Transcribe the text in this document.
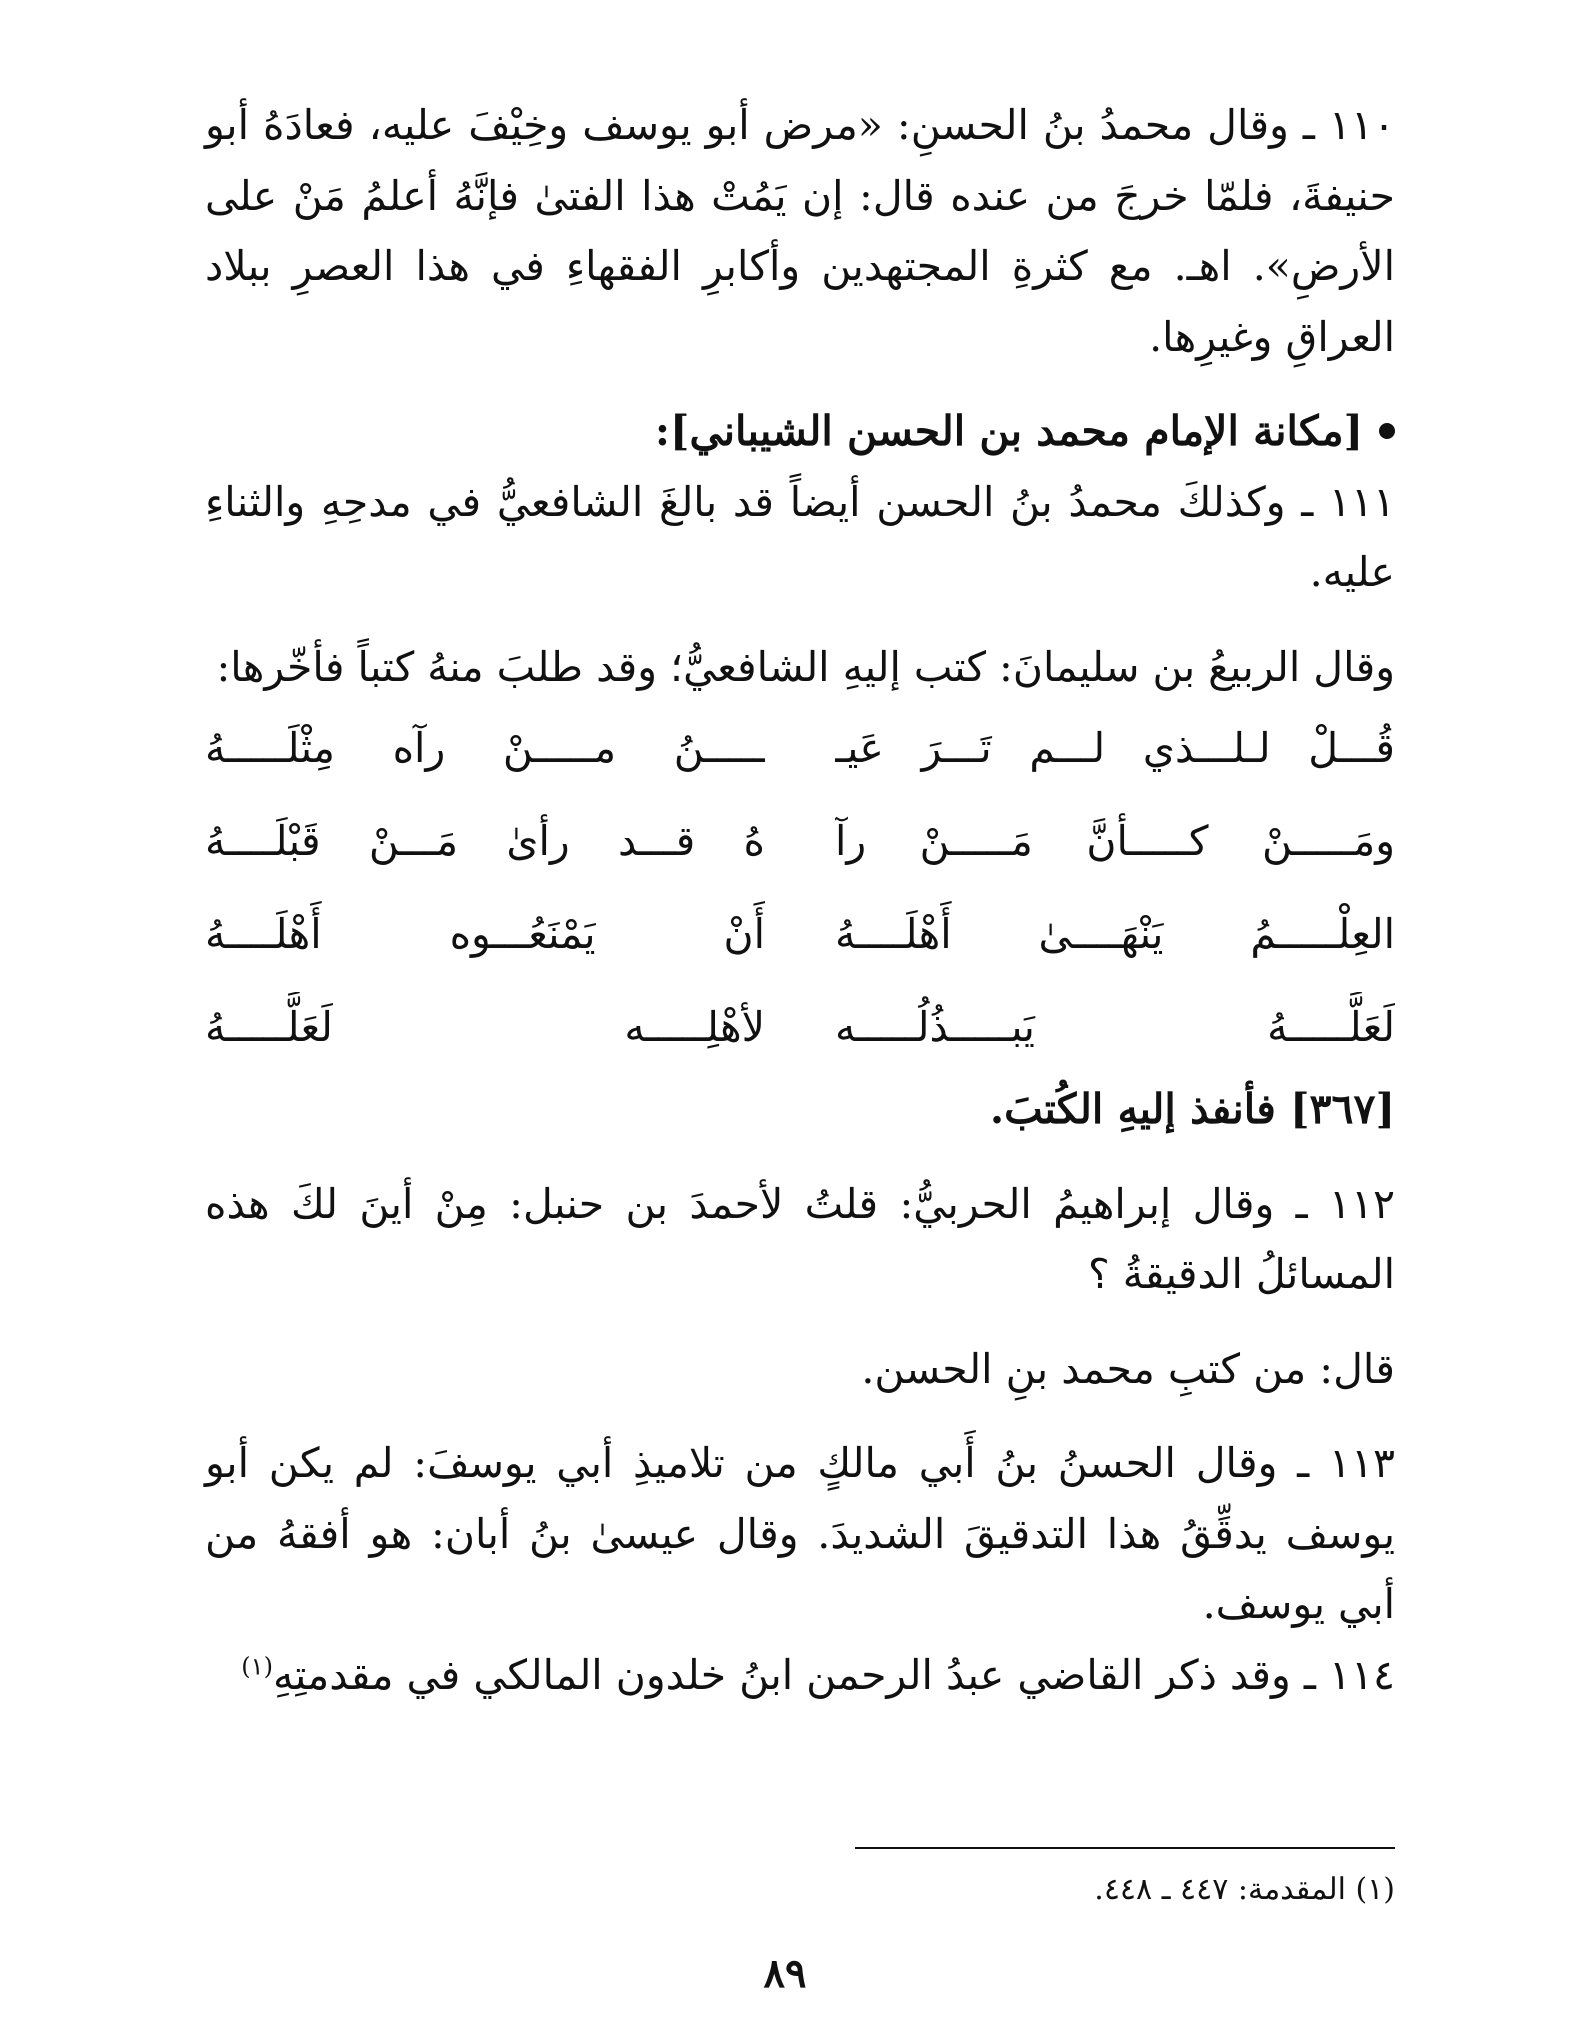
١١٠ ـ وقال محمدُ بنُ الحسنِ: «مرض أبو يوسف وخِيْفَ عليه، فعادَهُ أبو حنيفةَ، فلمّا خرجَ من عنده قال: إن يَمُتْ هذا الفتىٰ فإنَّهُ أعلمُ مَنْ على الأرضِ». اهـ. مع كثرةِ المجتهدين وأكابرِ الفقهاءِ في هذا العصرِ ببلاد العراقِ وغيرِها.

[مكانة الإمام محمد بن الحسن الشيباني]:

١١١ ـ وكذلكَ محمدُ بنُ الحسن أيضاً قد بالغَ الشافعيُّ في مدحِهِ والثناءِ عليه.

وقال الربيعُ بن سليمانَ: كتب إليهِ الشافعيُّ؛ وقد طلبَ منهُ كتباً فأخّرها:

قُـــلْ لـلـــذي لـــم تَـــرَ عَيـ
ـــــنُ مـــــنْ رآه مِثْلَـــــهُ
ومَـــــنْ كـــــأنَّ مَـــــنْ رآ
هُ قـــد رأىٰ مَـــنْ قَبْلَــــهُ
العِلْـــــمُ يَنْهَــــىٰ أَهْلَــــهُ
أَنْ يَمْنَعُـــوه أَهْلَــــهُ
لَعَلَّـــــهُ يَبـــــذُلُـــــه
لأهْلِـــــه لَعَلَّـــــهُ

[٣٦٧] فأنفذ إليهِ الكُتبَ.

١١٢ ـ وقال إبراهيمُ الحربيُّ: قلتُ لأحمدَ بن حنبل: مِنْ أينَ لكَ هذه المسائلُ الدقيقةُ ؟

قال: من كتبِ محمد بنِ الحسن.

١١٣ ـ وقال الحسنُ بنُ أَبي مالكٍ من تلاميذِ أبي يوسفَ: لم يكن أبو يوسف يدقِّقُ هذا التدقيقَ الشديدَ. وقال عيسىٰ بنُ أبان: هو أفقهُ من أبي يوسف.

١١٤ ـ وقد ذكر القاضي عبدُ الرحمن ابنُ خلدون المالكي في مقدمتِهِ$^{(١)}$

(١) المقدمة: ٤٤٧ ـ ٤٤٨.
٨٩
